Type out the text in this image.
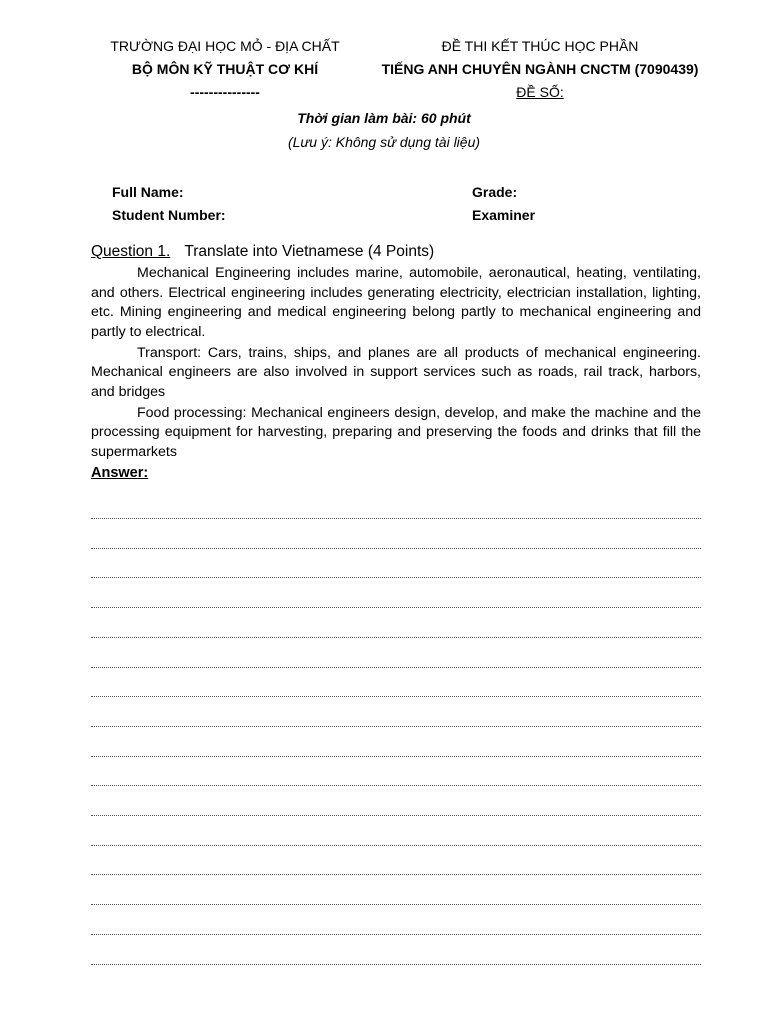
TRƯỜNG ĐẠI HỌC MỎ - ĐỊA CHẤT
BỘ MÔN KỸ THUẬT CƠ KHÍ
---------------
ĐỀ THI KẾT THÚC HỌC PHẦN
TIẾNG ANH CHUYÊN NGÀNH CNCTM (7090439)
ĐỀ SỐ:
Thời gian làm bài: 60 phút
(Lưu ý: Không sử dụng tài liệu)
Full Name:
Student Number:
Grade:
Examiner
Question 1. Translate into Vietnamese (4 Points)

Mechanical Engineering includes marine, automobile, aeronautical, heating, ventilating, and others. Electrical engineering includes generating electricity, electrician installation, lighting, etc. Mining engineering and medical engineering belong partly to mechanical engineering and partly to electrical.

Transport: Cars, trains, ships, and planes are all products of mechanical engineering. Mechanical engineers are also involved in support services such as roads, rail track, harbors, and bridges

Food processing: Mechanical engineers design, develop, and make the machine and the processing equipment for harvesting, preparing and preserving the foods and drinks that fill the supermarkets

Answer:
